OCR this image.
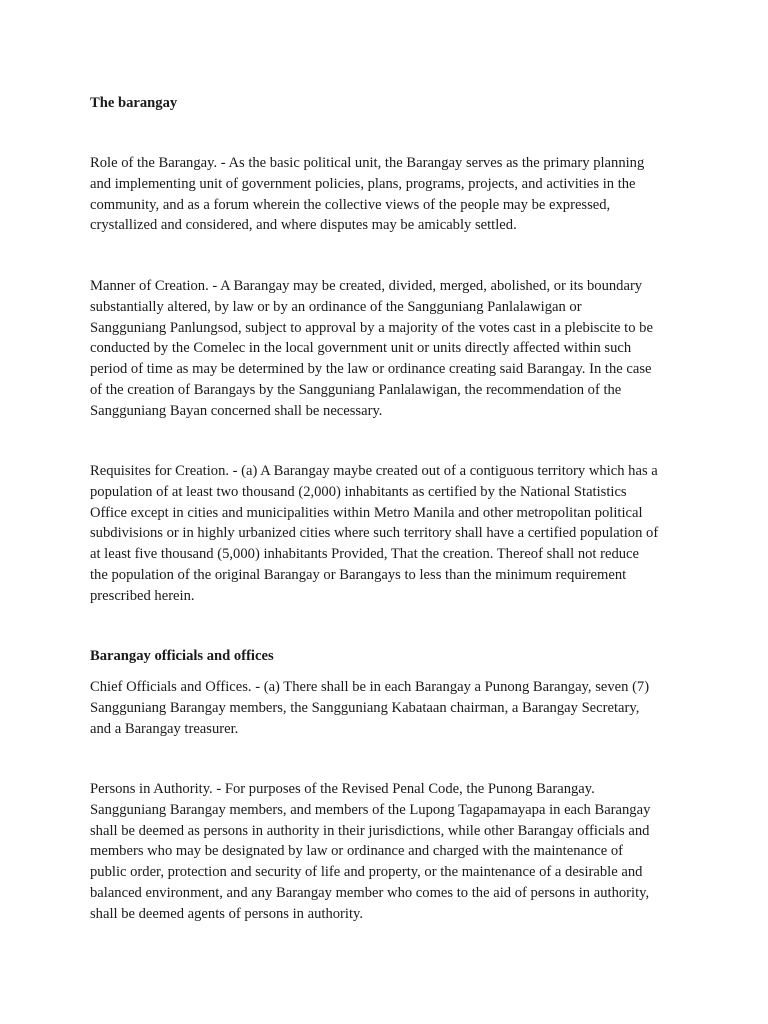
The barangay
Role of the Barangay. - As the basic political unit, the Barangay serves as the primary planning
and implementing unit of government policies, plans, programs, projects, and activities in the
community, and as a forum wherein the collective views of the people may be expressed,
crystallized and considered, and where disputes may be amicably settled.
Manner of Creation. - A Barangay may be created, divided, merged, abolished, or its boundary
substantially altered, by law or by an ordinance of the Sangguniang Panlalawigan or
Sangguniang Panlungsod, subject to approval by a majority of the votes cast in a plebiscite to be
conducted by the Comelec in the local government unit or units directly affected within such
period of time as may be determined by the law or ordinance creating said Barangay. In the case
of the creation of Barangays by the Sangguniang Panlalawigan, the recommendation of the
Sangguniang Bayan concerned shall be necessary.
Requisites for Creation. - (a) A Barangay maybe created out of a contiguous territory which has a
population of at least two thousand (2,000) inhabitants as certified by the National Statistics
Office except in cities and municipalities within Metro Manila and other metropolitan political
subdivisions or in highly urbanized cities where such territory shall have a certified population of
at least five thousand (5,000) inhabitants Provided, That the creation. Thereof shall not reduce
the population of the original Barangay or Barangays to less than the minimum requirement
prescribed herein.
Barangay officials and offices
Chief Officials and Offices. - (a) There shall be in each Barangay a Punong Barangay, seven (7)
Sangguniang Barangay members, the Sangguniang Kabataan chairman, a Barangay Secretary,
and a Barangay treasurer.
Persons in Authority. - For purposes of the Revised Penal Code, the Punong Barangay.
Sangguniang Barangay members, and members of the Lupong Tagapamayapa in each Barangay
shall be deemed as persons in authority in their jurisdictions, while other Barangay officials and
members who may be designated by law or ordinance and charged with the maintenance of
public order, protection and security of life and property, or the maintenance of a desirable and
balanced environment, and any Barangay member who comes to the aid of persons in authority,
shall be deemed agents of persons in authority.
